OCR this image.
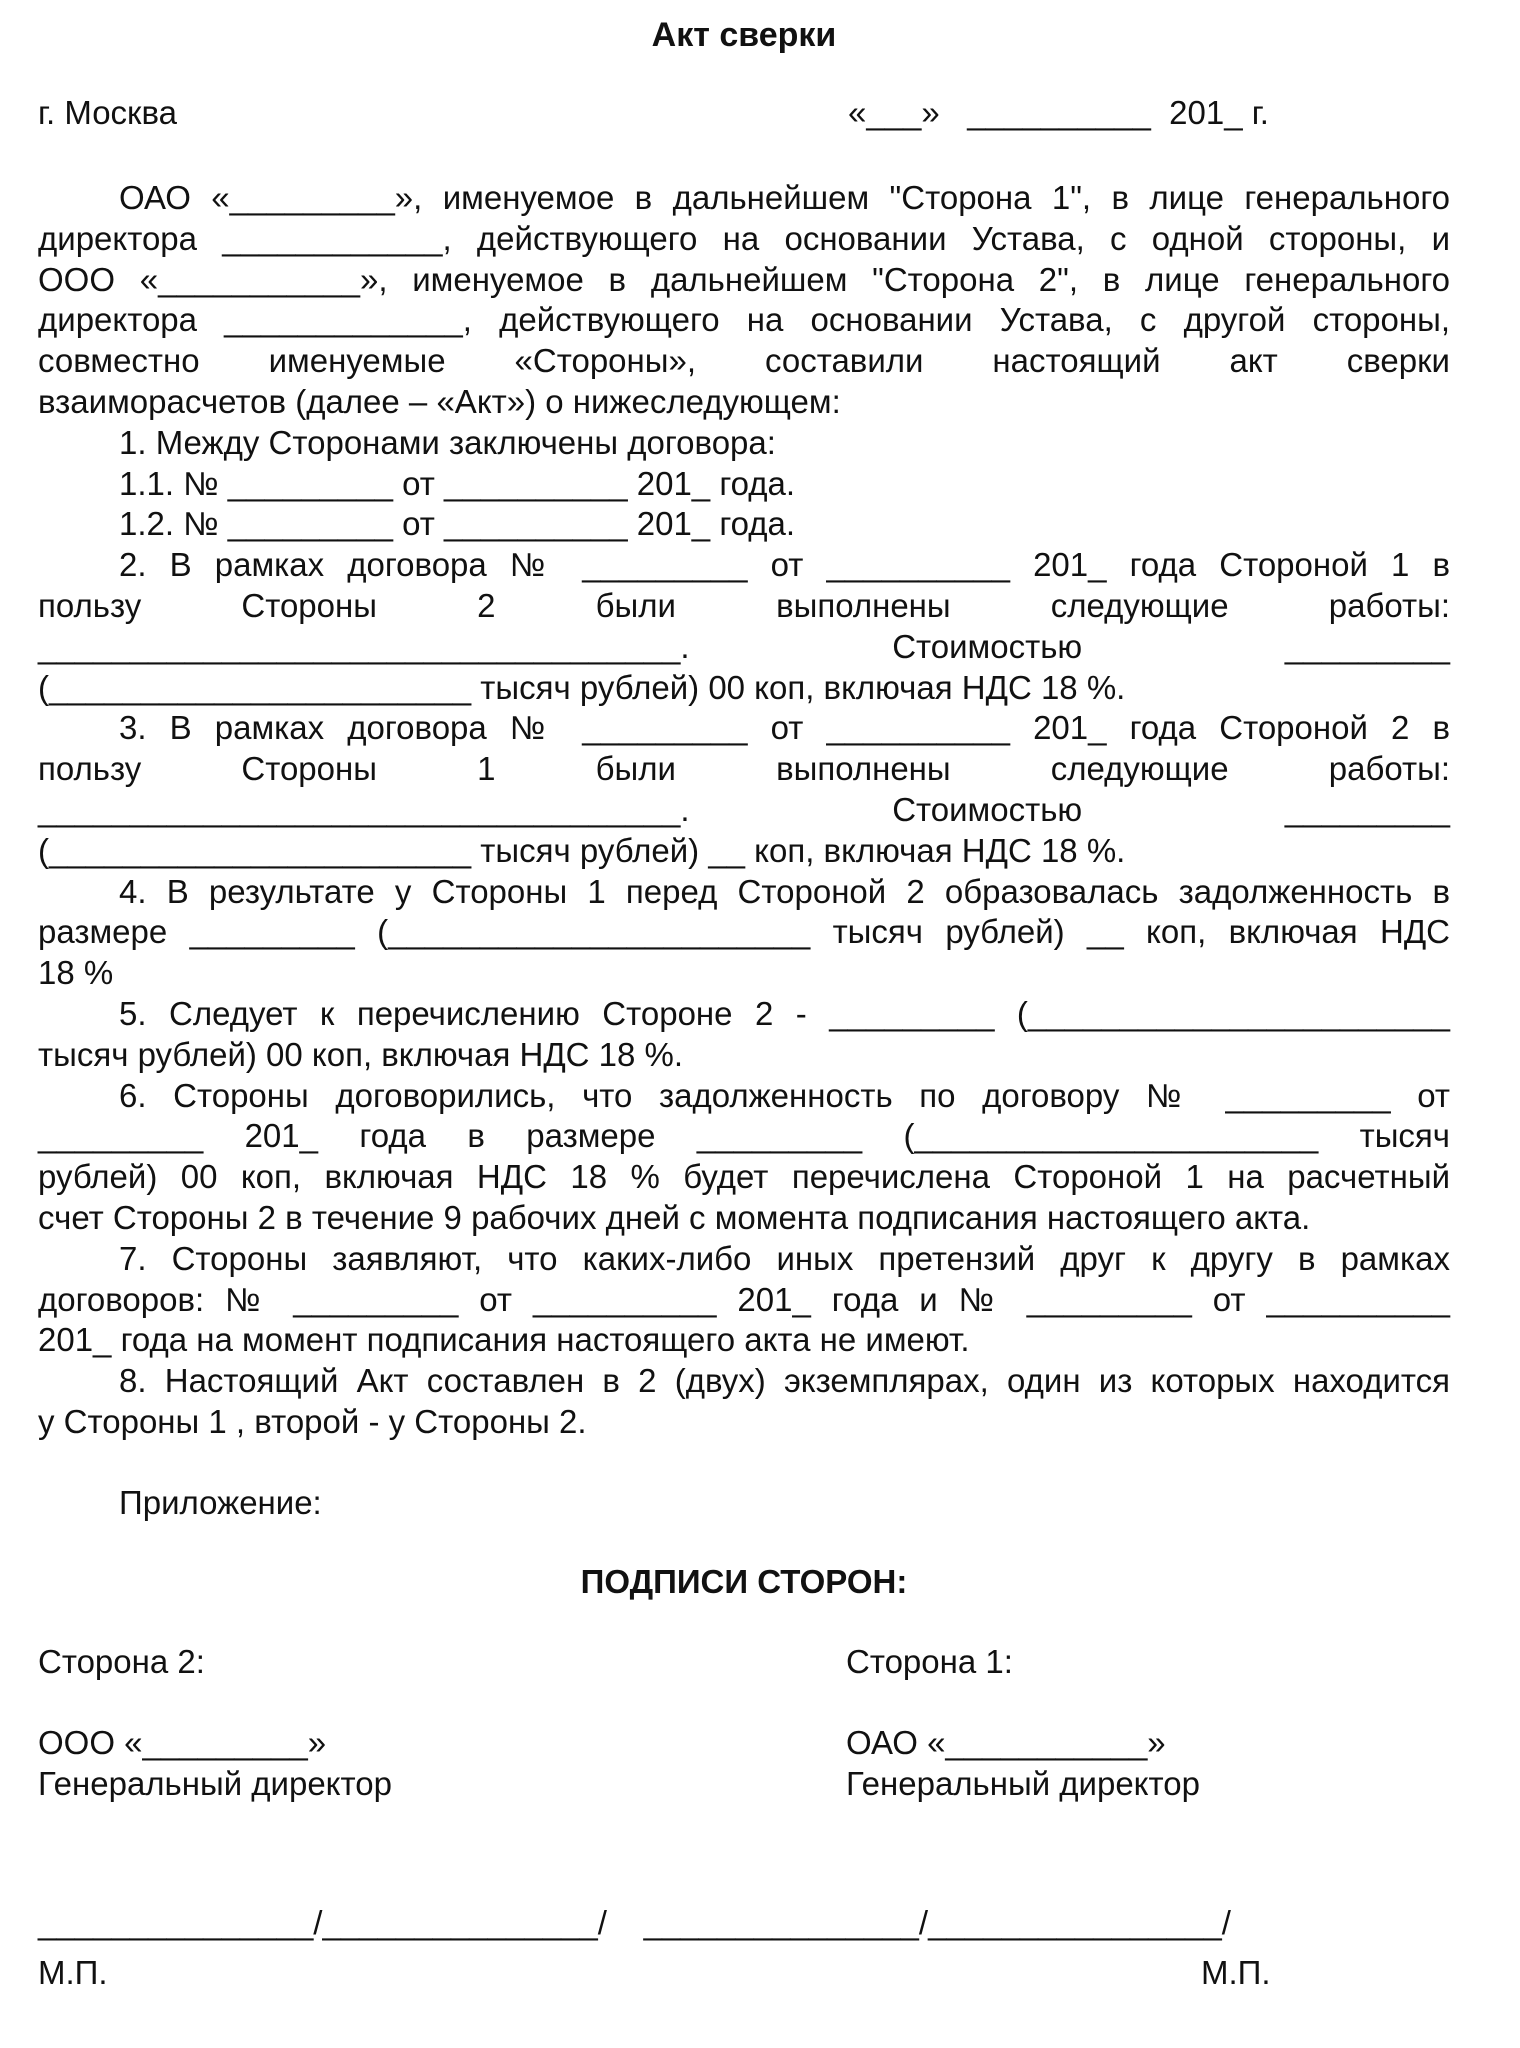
Акт сверки
г. Москва	«___»   __________  201_ г.

ОАО «_________», именуемое в дальнейшем "Сторона 1", в лице генерального

директора ____________, действующего на основании Устава, с одной стороны, и

ООО «___________», именуемое в дальнейшем "Сторона 2", в лице генерального

директора _____________, действующего на основании Устава, с другой стороны,

совместно именуемые «Стороны», составили настоящий акт сверки

взаиморасчетов (далее – «Акт») о нижеследующем:

1. Между Сторонами заключены договора:

1.1. № _________ от __________ 201_ года.

1.2. № _________ от __________ 201_ года.

2. В рамках договора № _________ от __________ 201_ года Стороной 1 в

пользу Стороны 2 были выполнены следующие работы:

___________________________________. Стоимостью _________

(_______________________ тысяч рублей) 00 коп, включая НДС 18 %.

3. В рамках договора № _________ от __________ 201_ года Стороной 2 в

пользу Стороны 1 были выполнены следующие работы:

___________________________________. Стоимостью _________

(_______________________ тысяч рублей) __ коп, включая НДС 18 %.

4. В результате у Стороны 1 перед Стороной 2 образовалась задолженность в

размере _________ (_______________________ тысяч рублей) __ коп, включая НДС

18 %

5. Следует к перечислению Стороне 2 - _________ (_______________________

тысяч рублей) 00 коп, включая НДС 18 %.

6. Стороны договорились, что задолженность по договору № _________ от

_________ 201_ года в размере _________ (______________________ тысяч

рублей) 00 коп, включая НДС 18 % будет перечислена Стороной 1 на расчетный

счет Стороны 2 в течение 9 рабочих дней с момента подписания настоящего акта.

7. Стороны заявляют, что каких-либо иных претензий друг к другу в рамках

договоров: № _________ от __________ 201_ года и № _________ от __________

201_ года на момент подписания настоящего акта не имеют.

8. Настоящий Акт составлен в 2 (двух) экземплярах, один из которых находится

у Стороны 1 , второй - у Стороны 2.

Приложение:

ПОДПИСИ СТОРОН:

Сторона 2:	Сторона 1:
ООО «_________»	ОАО «___________»
Генеральный директор	Генеральный директор
_______________/_______________/    _______________/________________/
М.П.	М.П.
